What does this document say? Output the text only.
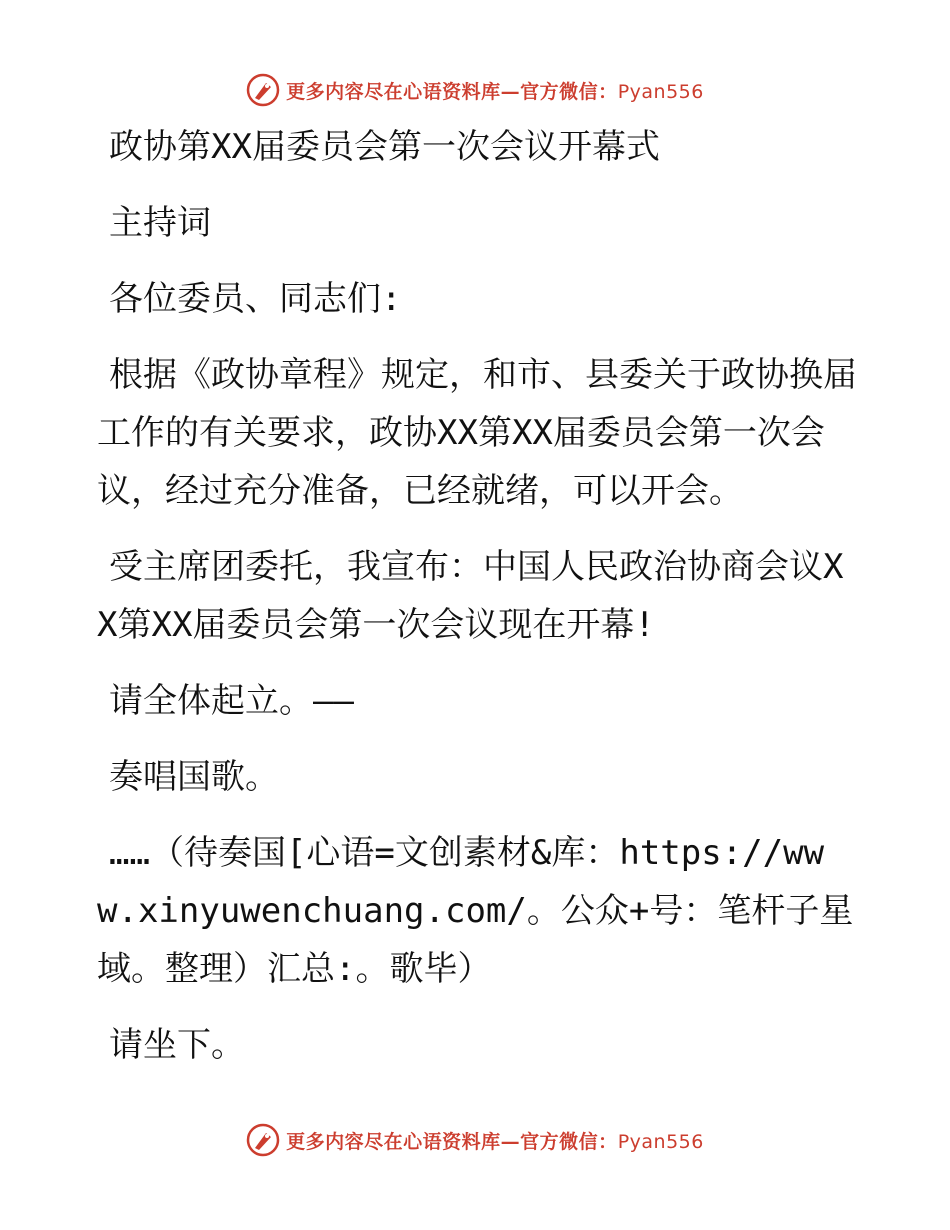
更多内容尽在心语资料库—官方微信：Pyan556

政协第XX届委员会第一次会议开幕式

主持词

各位委员、同志们:

根据《政协章程》规定，和市、县委关于政协换届工作的有关要求，政协XX第XX届委员会第一次会议，经过充分准备，已经就绪，可以开会。

受主席团委托，我宣布：中国人民政治协商会议XX第XX届委员会第一次会议现在开幕!

请全体起立。——

奏唱国歌。

……（待奏国[心语=文创素材&库：https://www.xinyuwenchuang.com/。公众+号：笔杆子星域。整理）汇总:。歌毕）

请坐下。

更多内容尽在心语资料库—官方微信：Pyan556
